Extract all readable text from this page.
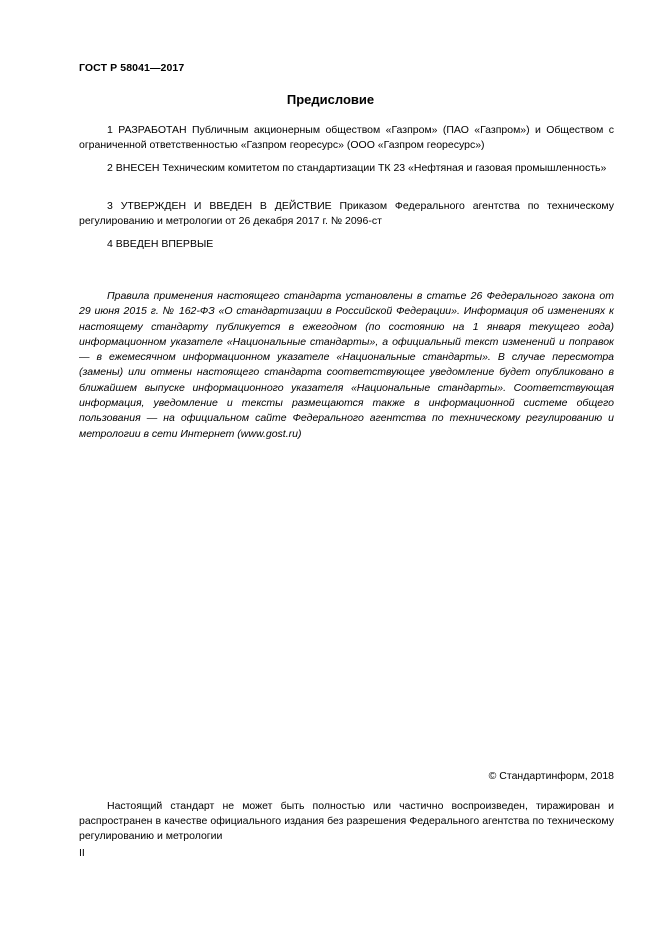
ГОСТ Р 58041—2017
Предисловие

1 РАЗРАБОТАН Публичным акционерным обществом «Газпром» (ПАО «Газпром») и Обществом с ограниченной ответственностью «Газпром георесурс» (ООО «Газпром георесурс»)

2 ВНЕСЕН Техническим комитетом по стандартизации ТК 23 «Нефтяная и газовая промышленность»

3 УТВЕРЖДЕН И ВВЕДЕН В ДЕЙСТВИЕ Приказом Федерального агентства по техническому регулированию и метрологии от 26 декабря 2017 г. № 2096-ст

4 ВВЕДЕН ВПЕРВЫЕ

Правила применения настоящего стандарта установлены в статье 26 Федерального закона от 29 июня 2015 г. № 162-ФЗ «О стандартизации в Российской Федерации». Информация об изменениях к настоящему стандарту публикуется в ежегодном (по состоянию на 1 января текущего года) информационном указателе «Национальные стандарты», а официальный текст изменений и поправок — в ежемесячном информационном указателе «Национальные стандарты». В случае пересмотра (замены) или отмены настоящего стандарта соответствующее уведомление будет опубликовано в ближайшем выпуске информационного указателя «Национальные стандарты». Соответствующая информация, уведомление и тексты размещаются также в информационной системе общего пользования — на официальном сайте Федерального агентства по техническому регулированию и метрологии в сети Интернет (www.gost.ru)

© Стандартинформ, 2018

Настоящий стандарт не может быть полностью или частично воспроизведен, тиражирован и распространен в качестве официального издания без разрешения Федерального агентства по техническому регулированию и метрологии

II
